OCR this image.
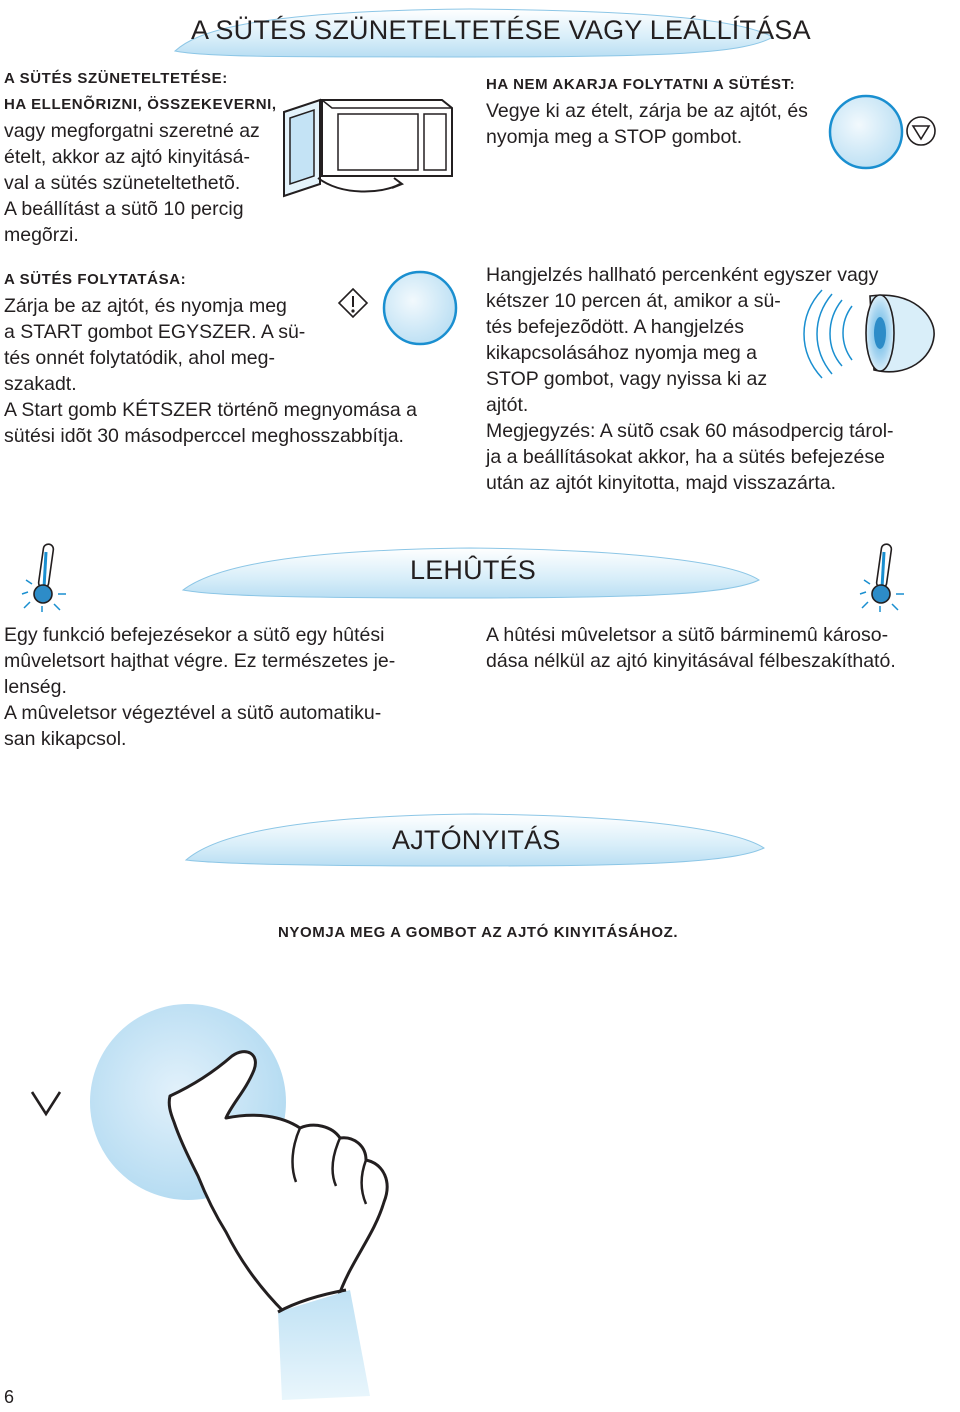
A SÜTÉS SZÜNETELTETÉSE VAGY LEÁLLÍTÁSA
A SÜTÉS SZÜNETELTETÉSE:
HA ELLENÕRIZNI, ÖSSZEKEVERNI,
vagy megforgatni szeretné az
ételt, akkor az ajtó kinyitásá-
val a sütés szüneteltethetõ.
A beállítást a sütõ 10 percig
megõrzi.
A SÜTÉS FOLYTATÁSA:
Zárja be az ajtót, és nyomja meg
a START gombot EGYSZER. A sü-
tés onnét folytatódik, ahol meg-
szakadt.
A Start gomb KÉTSZER történõ megnyomása a
sütési idõt 30 másodperccel meghosszabbítja.
HA NEM AKARJA FOLYTATNI A SÜTÉST:
Vegye ki az ételt, zárja be az ajtót, és
nyomja meg a STOP gombot.
Hangjelzés hallható percenként egyszer vagy
kétszer 10 percen át, amikor a sü-
tés befejezõdött. A hangjelzés
kikapcsolásához nyomja meg a
STOP gombot, vagy nyissa ki az
ajtót.
Megjegyzés: A sütõ csak 60 másodpercig tárol-
ja a beállításokat akkor, ha a sütés befejezése
után az ajtót kinyitotta, majd visszazárta.
LEHÛTÉS
Egy funkció befejezésekor a sütõ egy hûtési
mûveletsort hajthat végre. Ez természetes je-
lenség.
A mûveletsor végeztével a sütõ automatiku-
san kikapcsol.
A hûtési mûveletsor a sütõ bárminemû károso-
dása nélkül az ajtó kinyitásával félbeszakítható.
AJTÓNYITÁS
NYOMJA MEG A GOMBOT AZ AJTÓ KINYITÁSÁHOZ.
6
